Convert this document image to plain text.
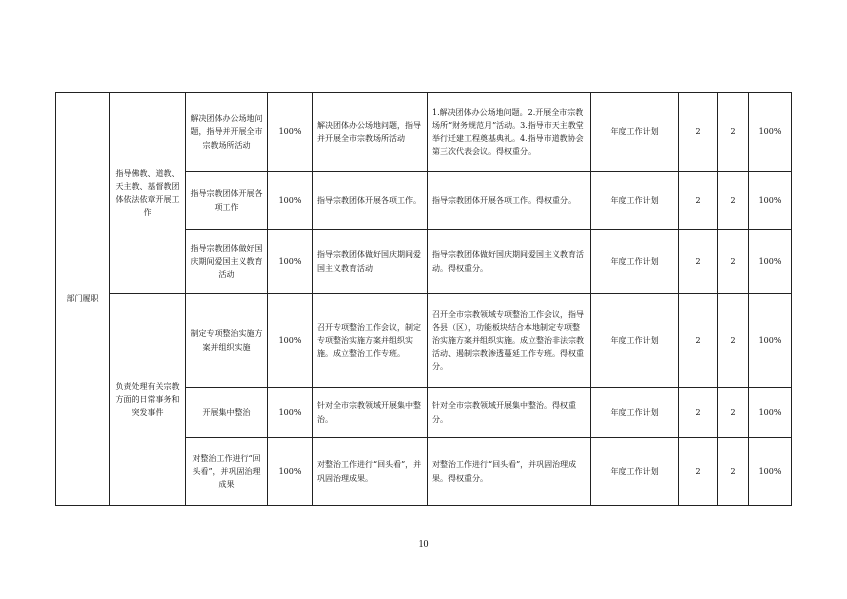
部门履职	指导佛教、道教、天主教、基督教团体依法依章开展工作	解决团体办公场地问题，指导并开展全市宗教场所活动	100%	解决团体办公场地问题，指导并开展全市宗教场所活动	1.解决团体办公场地问题。2.开展全市宗教场所“财务规范月”活动。3.指导市天主教堂举行迁建工程奠基典礼。4.指导市道教协会第三次代表会议。得权重分。	年度工作计划	2	2	100%
		指导宗教团体开展各项工作	100%	指导宗教团体开展各项工作。	指导宗教团体开展各项工作。得权重分。	年度工作计划	2	2	100%
		指导宗教团体做好国庆期间爱国主义教育活动	100%	指导宗教团体做好国庆期间爱国主义教育活动	指导宗教团体做好国庆期间爱国主义教育活动。得权重分。	年度工作计划	2	2	100%
	负责处理有关宗教方面的日常事务和突发事件	制定专项整治实施方案并组织实施	100%	召开专项整治工作会议，制定专项整治实施方案并组织实施。成立整治工作专班。	召开全市宗教领域专项整治工作会议，指导各县（区），功能板块结合本地制定专项整治实施方案并组织实施。成立整治非法宗教活动、遏制宗教渗透蔓延工作专班。得权重分。	年度工作计划	2	2	100%
		开展集中整治	100%	针对全市宗教领域开展集中整治。	针对全市宗教领域开展集中整治。得权重分。	年度工作计划	2	2	100%
		对整治工作进行“回头看”，并巩固治理成果	100%	对整治工作进行“回头看”，并巩固治理成果。	对整治工作进行“回头看”，并巩固治理成果。得权重分。	年度工作计划	2	2	100%
10
